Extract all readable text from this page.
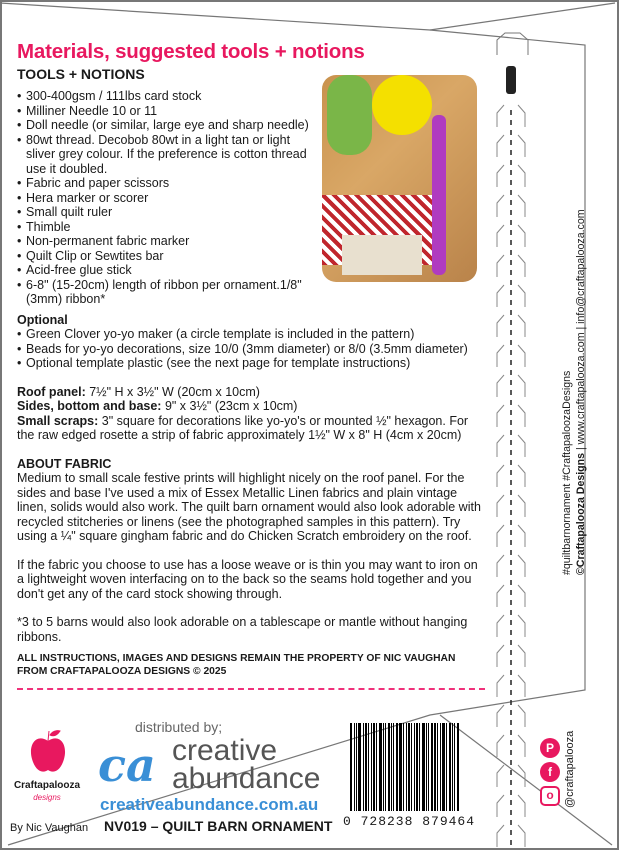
Materials, suggested tools + notions
TOOLS + NOTIONS
• 300-400gsm / 111lbs card stock
• Milliner Needle 10 or 11
• Doll needle (or similar, large eye and sharp needle)
• 80wt thread. Decobob 80wt in a light tan or light sliver grey colour. If the preference is cotton thread use it doubled.
• Fabric and paper scissors
• Hera marker or scorer
• Small quilt ruler
• Thimble
• Non-permanent fabric marker
• Quilt Clip or Sewtites bar
• Acid-free glue stick
• 6-8" (15-20cm) length of ribbon per ornament.1/8" (3mm) ribbon*
Optional
• Green Clover yo-yo maker (a circle template is included in the pattern)
• Beads for yo-yo decorations, size 10/0 (3mm diameter) or 8/0 (3.5mm diameter)
• Optional template plastic (see the next page for template instructions)
Roof panel: 7½" H x 3½" W (20cm x 10cm)
Sides, bottom and base: 9" x 3½" (23cm x 10cm)
Small scraps: 3" square for decorations like yo-yo's or mounted ½" hexagon. For the raw edged rosette a strip of fabric approximately 1½" W x 8" H (4cm x 20cm)
ABOUT FABRIC

Medium to small scale festive prints will highlight nicely on the roof panel. For the sides and base I've used a mix of Essex Metallic Linen fabrics and plain vintage linen, solids would also work. The quilt barn ornament would also look adorable with recycled stitcheries or linens (see the photographed samples in this pattern). Try using a ¼" square gingham fabric and do Chicken Scratch embroidery on the roof.

If the fabric you choose to use has a loose weave or is thin you may want to iron on a lightweight woven interfacing on to the back so the seams hold together and you don't get any of the card stock showing through.

*3 to 5 barns would also look adorable on a tablescape or mantle without hanging ribbons.

ALL INSTRUCTIONS, IMAGES AND DESIGNS REMAIN THE PROPERTY OF NIC VAUGHAN FROM CRAFTAPALOOZA DESIGNS © 2025
#quiltbarnornament #CraftapaloozaDesigns ©Craftapalooza Designs | www.craftapalooza.com | info@craftapalooza.com
Craftapalooza
designs
By Nic Vaughan
distributed by;
ca creative
abundance
creativeabundance.com.au
NV019 – QUILT BARN ORNAMENT 0 728238 879464
P
f
o @craftapalooza
